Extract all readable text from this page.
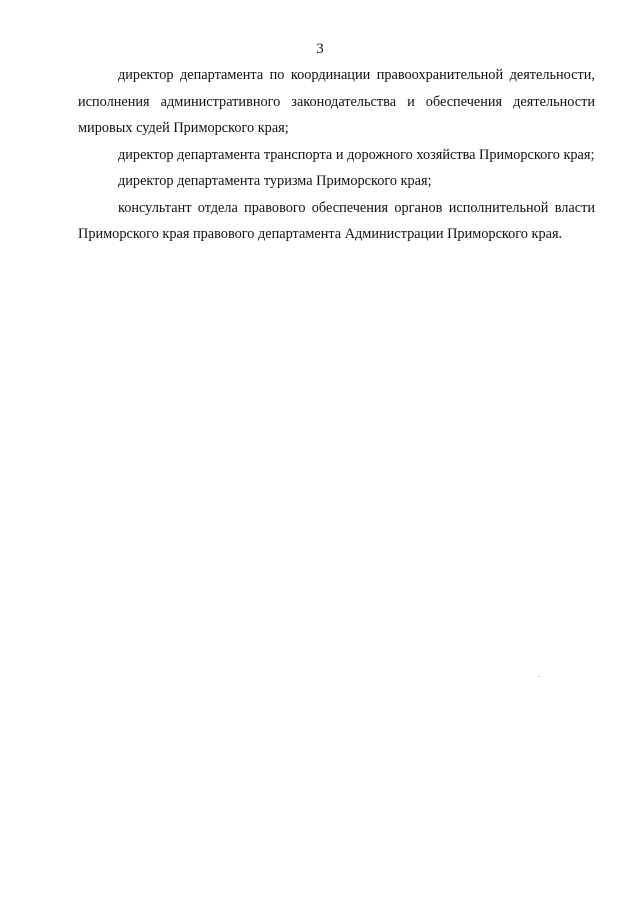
3

директор департамента по координации правоохранительной деятельности, исполнения административного законодательства и обеспечения деятельности мировых судей Приморского края;

директор департамента транспорта и дорожного хозяйства Приморского края;

директор департамента туризма Приморского края;

консультант отдела правового обеспечения органов исполнительной власти Приморского края правового департамента Администрации Приморского края.
